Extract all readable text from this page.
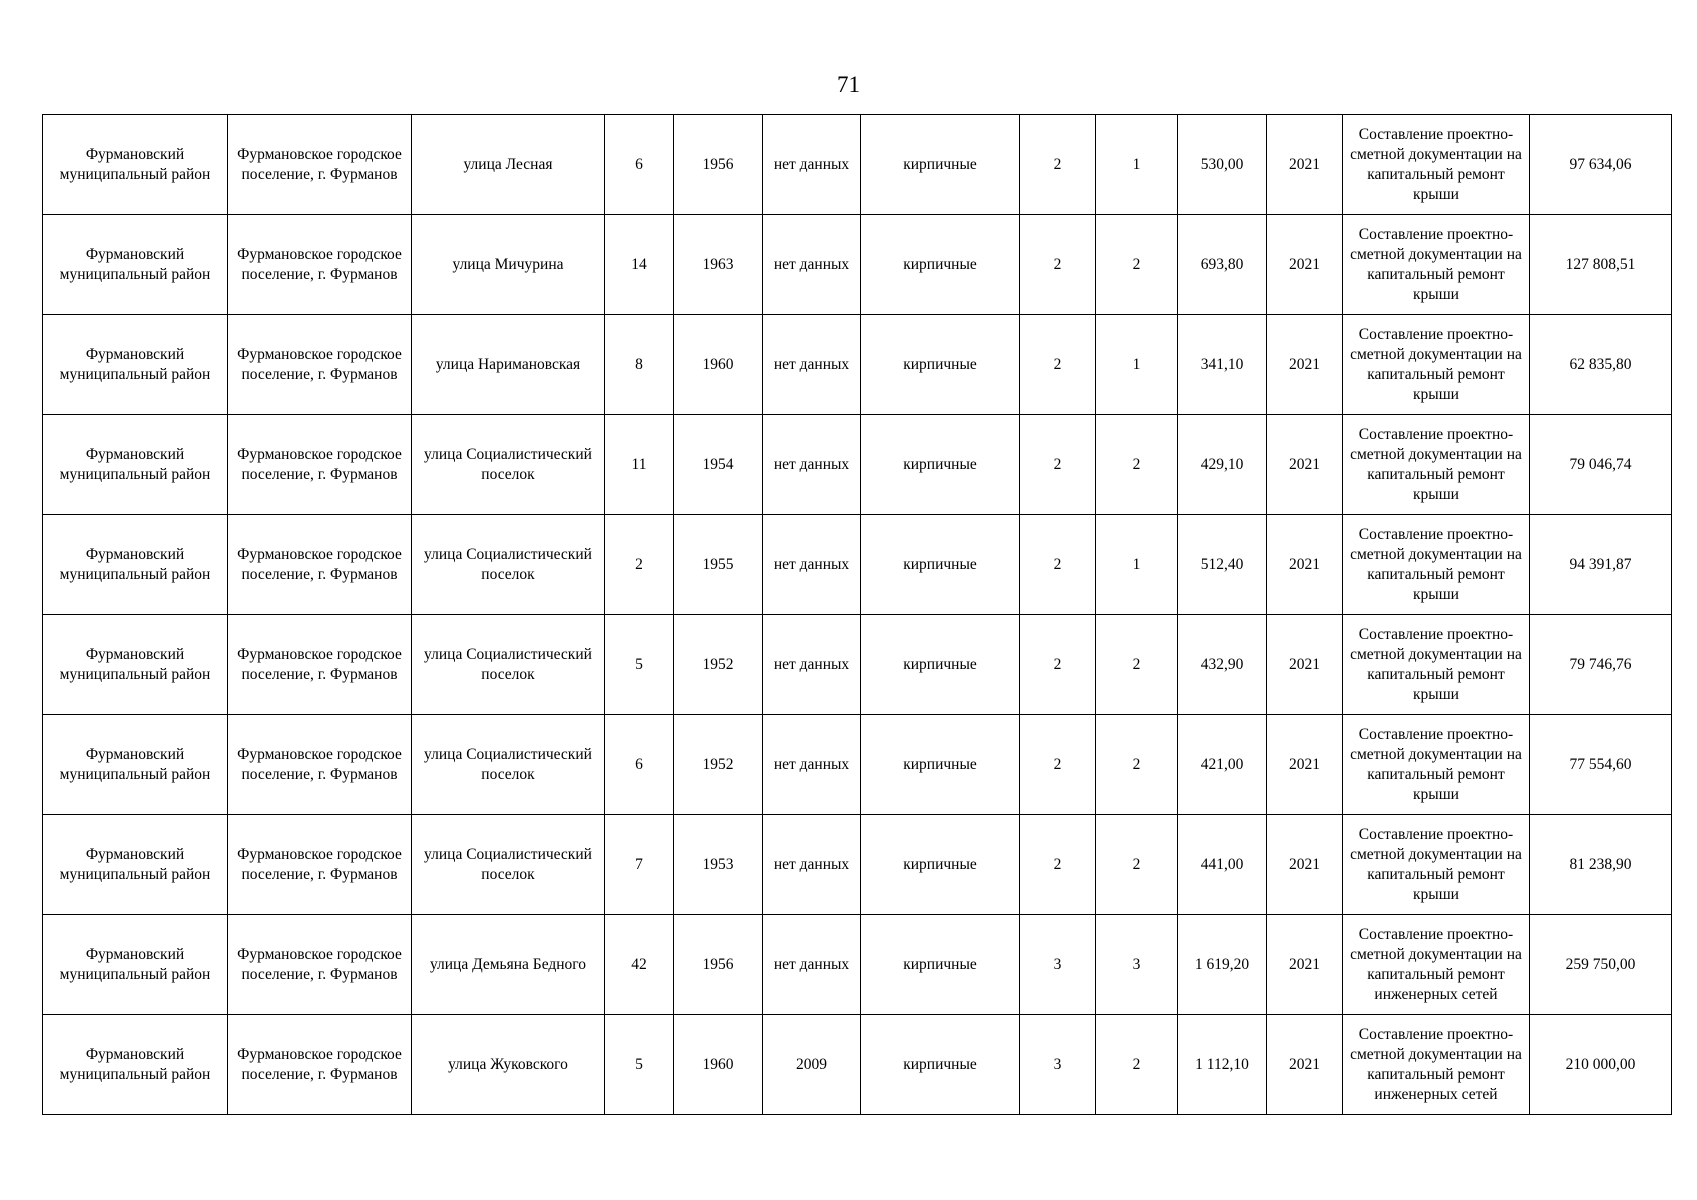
71
Фурмановский муниципальный район	Фурмановское городское поселение, г. Фурманов	улица Лесная	6	1956	нет данных	кирпичные	2	1	530,00	2021	Составление проектно-сметной документации на капитальный ремонт крыши	97 634,06
Фурмановский муниципальный район	Фурмановское городское поселение, г. Фурманов	улица Мичурина	14	1963	нет данных	кирпичные	2	2	693,80	2021	Составление проектно-сметной документации на капитальный ремонт крыши	127 808,51
Фурмановский муниципальный район	Фурмановское городское поселение, г. Фурманов	улица Наримановская	8	1960	нет данных	кирпичные	2	1	341,10	2021	Составление проектно-сметной документации на капитальный ремонт крыши	62 835,80
Фурмановский муниципальный район	Фурмановское городское поселение, г. Фурманов	улица Социалистический поселок	11	1954	нет данных	кирпичные	2	2	429,10	2021	Составление проектно-сметной документации на капитальный ремонт крыши	79 046,74
Фурмановский муниципальный район	Фурмановское городское поселение, г. Фурманов	улица Социалистический поселок	2	1955	нет данных	кирпичные	2	1	512,40	2021	Составление проектно-сметной документации на капитальный ремонт крыши	94 391,87
Фурмановский муниципальный район	Фурмановское городское поселение, г. Фурманов	улица Социалистический поселок	5	1952	нет данных	кирпичные	2	2	432,90	2021	Составление проектно-сметной документации на капитальный ремонт крыши	79 746,76
Фурмановский муниципальный район	Фурмановское городское поселение, г. Фурманов	улица Социалистический поселок	6	1952	нет данных	кирпичные	2	2	421,00	2021	Составление проектно-сметной документации на капитальный ремонт крыши	77 554,60
Фурмановский муниципальный район	Фурмановское городское поселение, г. Фурманов	улица Социалистический поселок	7	1953	нет данных	кирпичные	2	2	441,00	2021	Составление проектно-сметной документации на капитальный ремонт крыши	81 238,90
Фурмановский муниципальный район	Фурмановское городское поселение, г. Фурманов	улица Демьяна Бедного	42	1956	нет данных	кирпичные	3	3	1 619,20	2021	Составление проектно-сметной документации на капитальный ремонт инженерных сетей	259 750,00
Фурмановский муниципальный район	Фурмановское городское поселение, г. Фурманов	улица Жуковского	5	1960	2009	кирпичные	3	2	1 112,10	2021	Составление проектно-сметной документации на капитальный ремонт инженерных сетей	210 000,00
